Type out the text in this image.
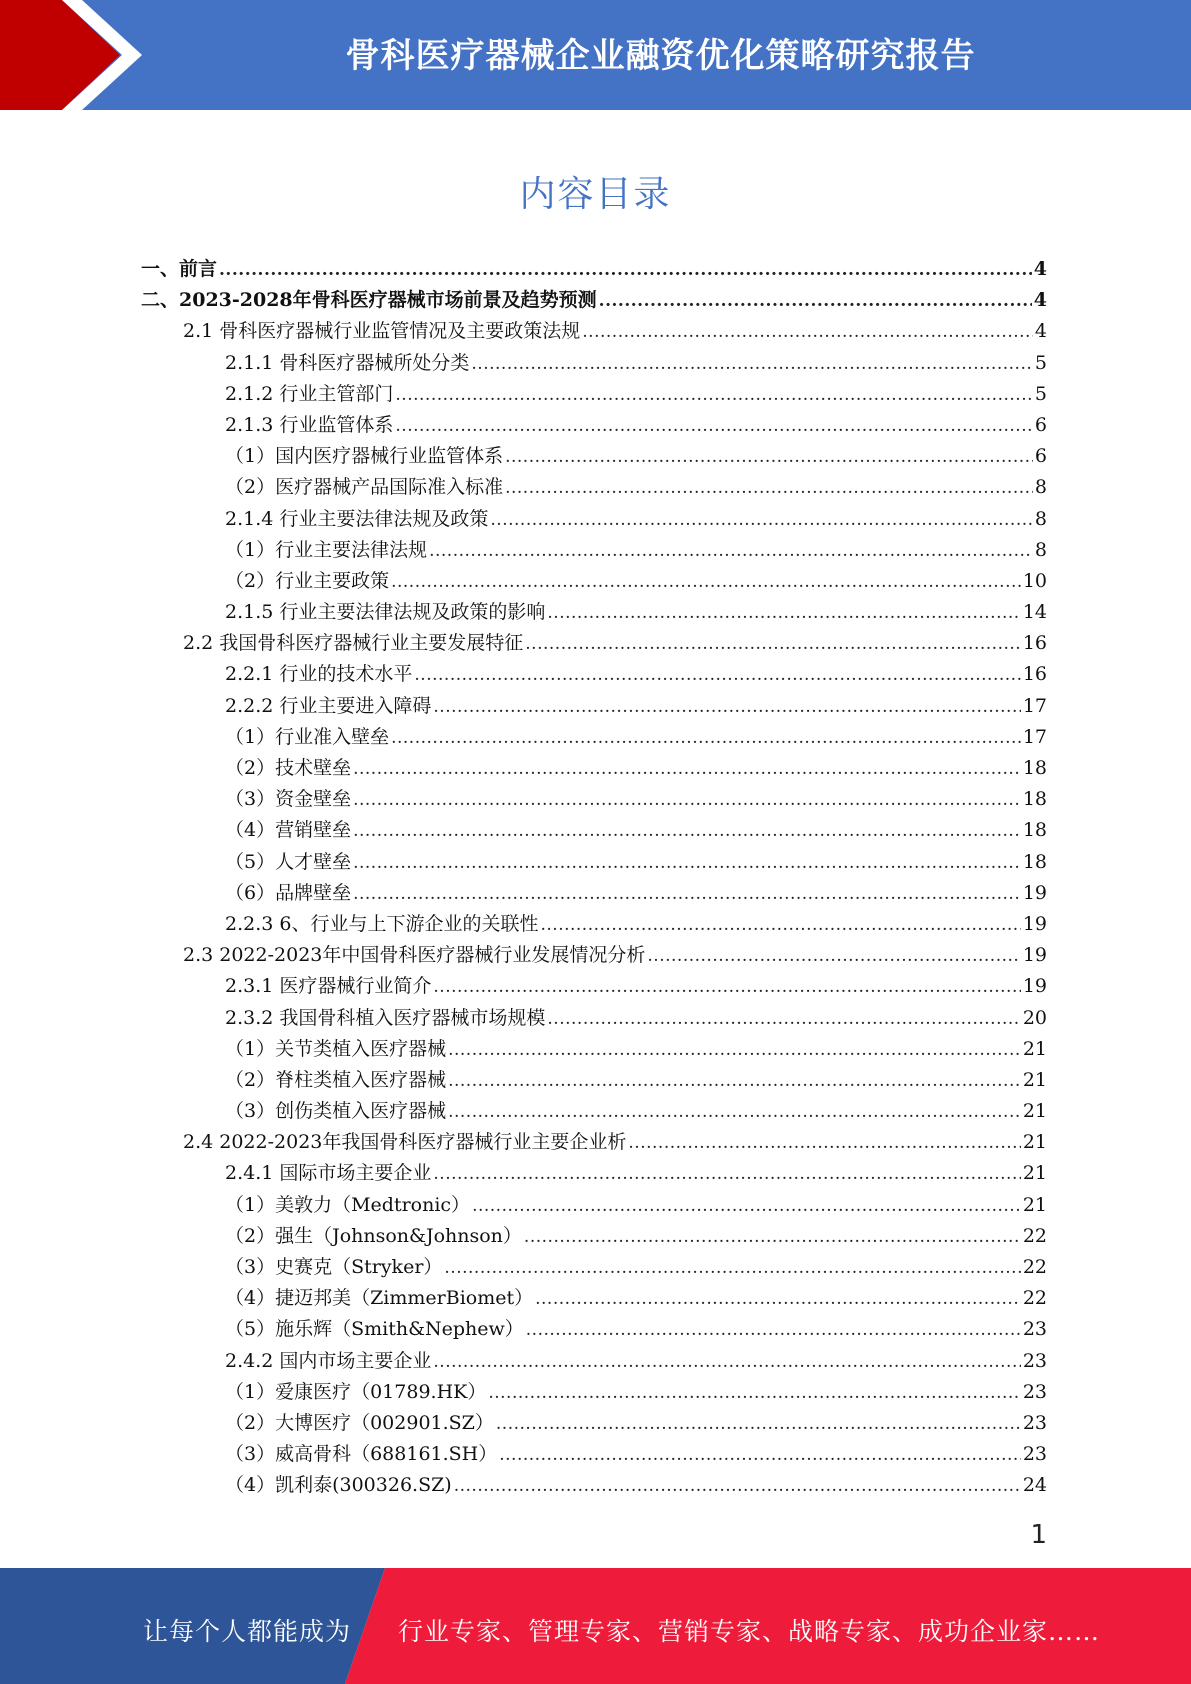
骨科医疗器械企业融资优化策略研究报告
内容目录
一、前言 .....	4
二、2023-2028年骨科医疗器械市场前景及趋势预测 .....	4
2.1 骨科医疗器械行业监管情况及主要政策法规 .....	4
2.1.1 骨科医疗器械所处分类 .....	5
2.1.2 行业主管部门 .....	5
2.1.3 行业监管体系 .....	6
（1）国内医疗器械行业监管体系 .....	6
（2）医疗器械产品国际准入标准 .....	8
2.1.4 行业主要法律法规及政策 .....	8
（1）行业主要法律法规 .....	8
（2）行业主要政策 .....	10
2.1.5 行业主要法律法规及政策的影响 .....	14
2.2 我国骨科医疗器械行业主要发展特征 .....	16
2.2.1 行业的技术水平 .....	16
2.2.2 行业主要进入障碍 .....	17
（1）行业准入壁垒 .....	17
（2）技术壁垒 .....	18
（3）资金壁垒 .....	18
（4）营销壁垒 .....	18
（5）人才壁垒 .....	18
（6）品牌壁垒 .....	19
2.2.3 6、行业与上下游企业的关联性 .....	19
2.3 2022-2023年中国骨科医疗器械行业发展情况分析 .....	19
2.3.1 医疗器械行业简介 .....	19
2.3.2 我国骨科植入医疗器械市场规模 .....	20
（1）关节类植入医疗器械 .....	21
（2）脊柱类植入医疗器械 .....	21
（3）创伤类植入医疗器械 .....	21
2.4 2022-2023年我国骨科医疗器械行业主要企业析 .....	21
2.4.1 国际市场主要企业 .....	21
（1）美敦力（Medtronic） .....	21
（2）强生（Johnson&Johnson） .....	22
（3）史赛克（Stryker） .....	22
（4）捷迈邦美（ZimmerBiomet） .....	22
（5）施乐辉（Smith&Nephew） .....	23
2.4.2 国内市场主要企业 .....	23
（1）爱康医疗（01789.HK） .....	23
（2）大博医疗（002901.SZ） .....	23
（3）威高骨科（688161.SH） .....	23
（4）凯利泰(300326.SZ) .....	24
1
让每个人都能成为 行业专家、管理专家、营销专家、战略专家、成功企业家……
